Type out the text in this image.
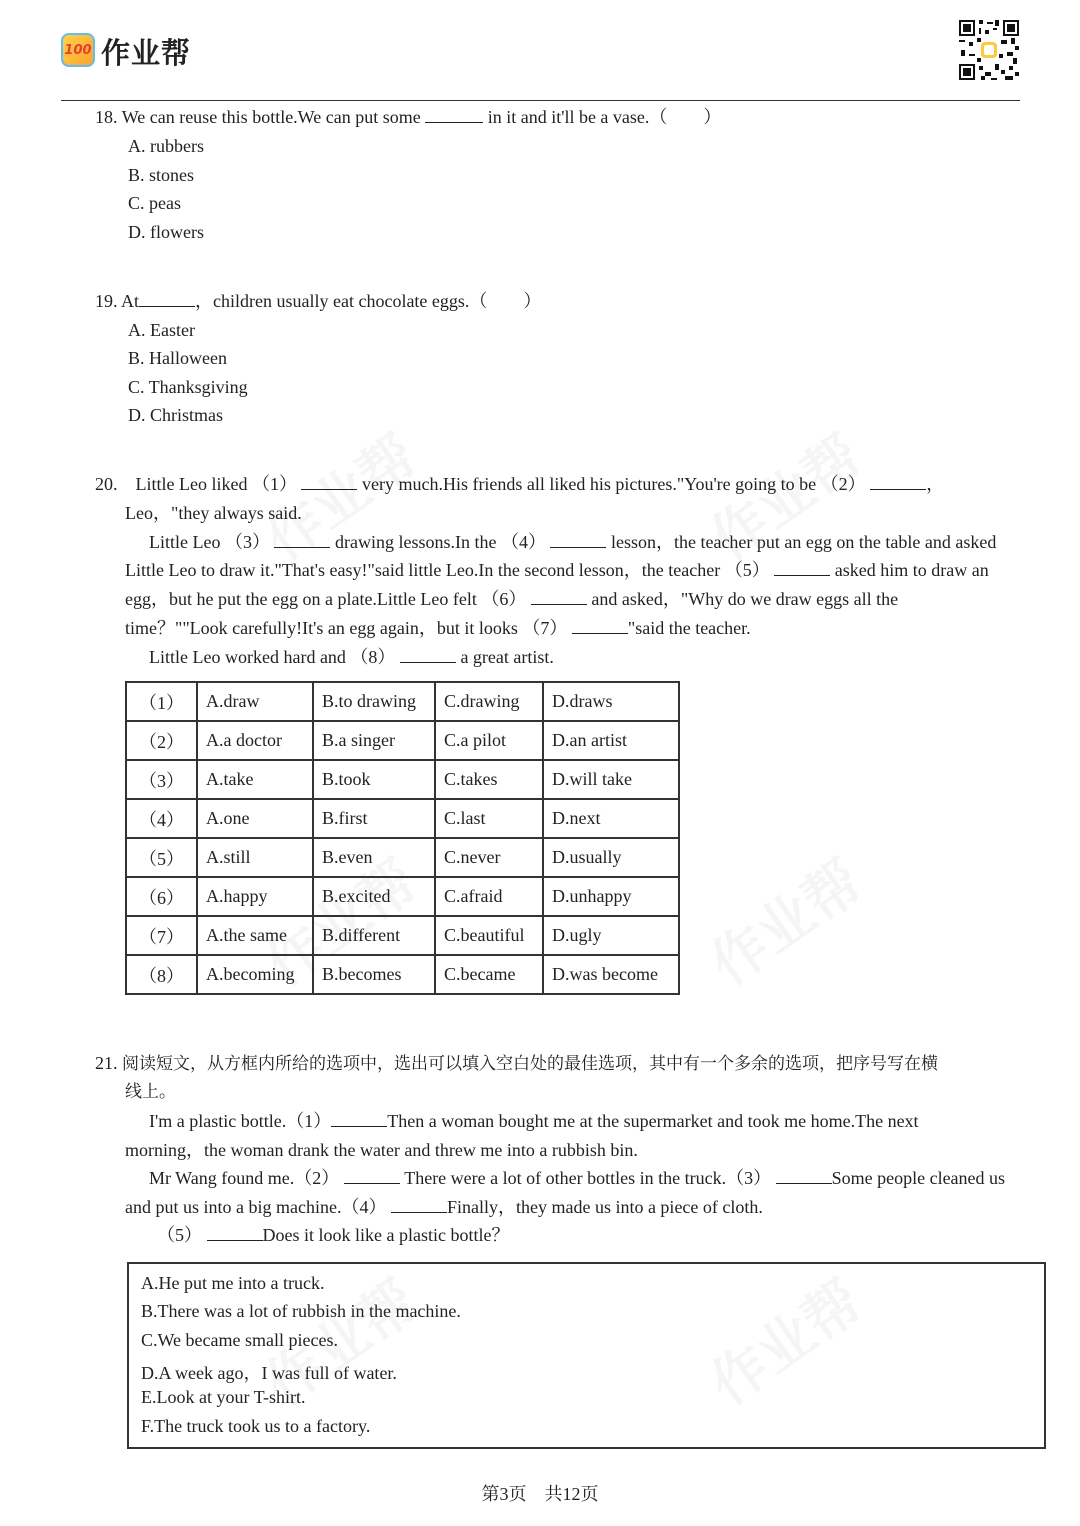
100 作业帮
18. We can reuse this bottle.We can put some	in it and it'll be a vase.（　　）
A. rubbers
B. stones
C. peas
D. flowers
19. At	，children usually eat chocolate eggs.（　　）
A. Easter
B. Halloween
C. Thanksgiving
D. Christmas
20. Little Leo liked （1）	very much.His friends all liked his pictures."You're going to be （2）	，
Leo，"they always said.
Little Leo （3）	drawing lessons.In the （4）	lesson，the teacher put an egg on the table and asked
Little Leo to draw it."That's easy!"said little Leo.In the second lesson，the teacher （5）	asked him to draw an
egg，but he put the egg on a plate.Little Leo felt （6）	and asked，"Why do we draw eggs all the
time？""Look carefully!It's an egg again，but it looks （7）	"said the teacher.
Little Leo worked hard and （8）	a great artist.
（1）	A.draw	B.to drawing	C.drawing	D.draws
（2）	A.a doctor	B.a singer	C.a pilot	D.an artist
（3）	A.take	B.took	C.takes	D.will take
（4）	A.one	B.first	C.last	D.next
（5）	A.still	B.even	C.never	D.usually
（6）	A.happy	B.excited	C.afraid	D.unhappy
（7）	A.the same	B.different	C.beautiful	D.ugly
（8）	A.becoming	B.becomes	C.became	D.was become
21. 阅读短文，从方框内所给的选项中，选出可以填入空白处的最佳选项，其中有一个多余的选项，把序号写在横
线上。
I'm a plastic bottle.（1）	Then a woman bought me at the supermarket and took me home.The next
morning，the woman drank the water and threw me into a rubbish bin.
Mr Wang found me.（2）	There were a lot of other bottles in the truck.（3）	Some people cleaned us
and put us into a big machine.（4）	Finally，they made us into a piece of cloth.
（5）	Does it look like a plastic bottle？
A.He put me into a truck.
B.There was a lot of rubbish in the machine.
C.We became small pieces.
D.A week ago，I was full of water.
E.Look at your T-shirt.
F.The truck took us to a factory.
第3页　共12页
